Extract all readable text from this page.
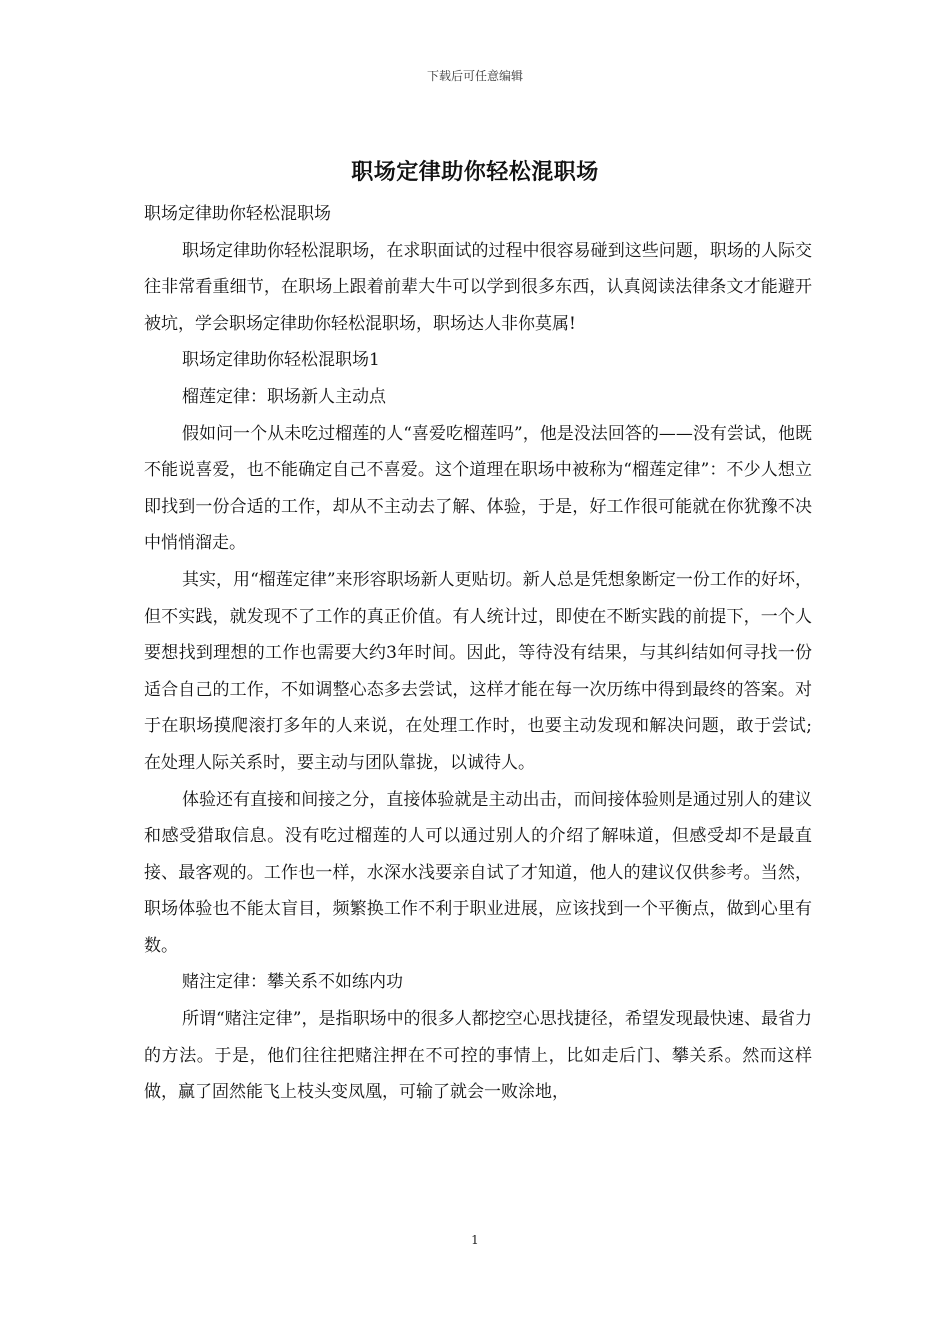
下载后可任意编辑
职场定律助你轻松混职场

职场定律助你轻松混职场

职场定律助你轻松混职场，在求职面试的过程中很容易碰到这些问题，职场的人际交往非常看重细节，在职场上跟着前辈大牛可以学到很多东西，认真阅读法律条文才能避开被坑，学会职场定律助你轻松混职场，职场达人非你莫属!

职场定律助你轻松混职场1

榴莲定律：职场新人主动点

假如问一个从未吃过榴莲的人“喜爱吃榴莲吗”，他是没法回答的——没有尝试，他既不能说喜爱，也不能确定自己不喜爱。这个道理在职场中被称为“榴莲定律”：不少人想立即找到一份合适的工作，却从不主动去了解、体验，于是，好工作很可能就在你犹豫不决中悄悄溜走。

其实，用“榴莲定律”来形容职场新人更贴切。新人总是凭想象断定一份工作的好坏，但不实践，就发现不了工作的真正价值。有人统计过，即使在不断实践的前提下，一个人要想找到理想的工作也需要大约3年时间。因此，等待没有结果，与其纠结如何寻找一份适合自己的工作，不如调整心态多去尝试，这样才能在每一次历练中得到最终的答案。对于在职场摸爬滚打多年的人来说，在处理工作时，也要主动发现和解决问题，敢于尝试;在处理人际关系时，要主动与团队靠拢，以诚待人。

体验还有直接和间接之分，直接体验就是主动出击，而间接体验则是通过别人的建议和感受猎取信息。没有吃过榴莲的人可以通过别人的介绍了解味道，但感受却不是最直接、最客观的。工作也一样，水深水浅要亲自试了才知道，他人的建议仅供参考。当然，职场体验也不能太盲目，频繁换工作不利于职业进展，应该找到一个平衡点，做到心里有数。

赌注定律：攀关系不如练内功

所谓“赌注定律”，是指职场中的很多人都挖空心思找捷径，希望发现最快速、最省力的方法。于是，他们往往把赌注押在不可控的事情上，比如走后门、攀关系。然而这样做，赢了固然能飞上枝头变凤凰，可输了就会一败涂地，

1
